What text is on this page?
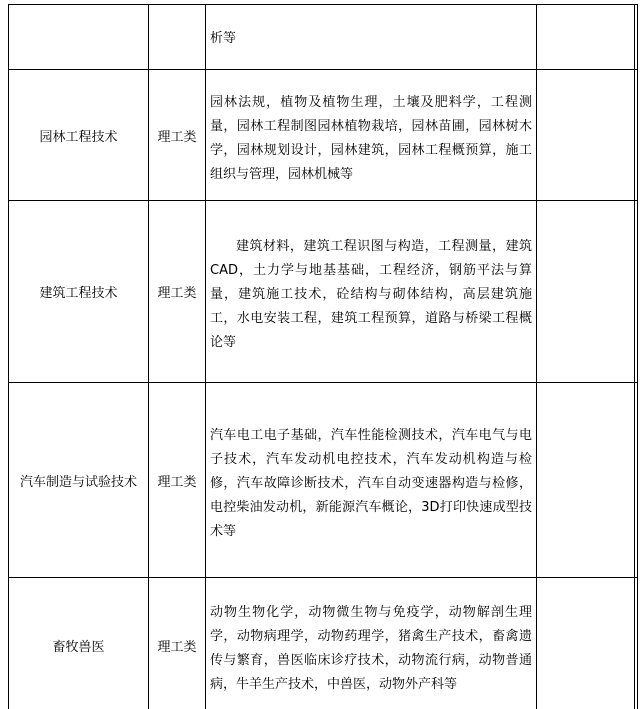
		析等	

园林工程技术	理工类	园林法规，植物及植物生理，土壤及肥料学，工程测量，园林工程制图园林植物栽培，园林苗圃，园林树木学，园林规划设计，园林建筑，园林工程概预算，施工组织与管理，园林机械等	

建筑工程技术	理工类	建筑材料，建筑工程识图与构造，工程测量，建筑CAD，土力学与地基基础，工程经济，钢筋平法与算量，建筑施工技术，砼结构与砌体结构，高层建筑施工，水电安装工程，建筑工程预算，道路与桥梁工程概论等	

汽车制造与试验技术	理工类	汽车电工电子基础，汽车性能检测技术，汽车电气与电子技术，汽车发动机电控技术，汽车发动机构造与检修，汽车故障诊断技术，汽车自动变速器构造与检修，电控柴油发动机，新能源汽车概论，3D打印快速成型技术等	

畜牧兽医	理工类	动物生物化学，动物微生物与免疫学，动物解剖生理学，动物病理学，动物药理学，猪禽生产技术，畜禽遗传与繁育，兽医临床诊疗技术，动物流行病，动物普通病，牛羊生产技术，中兽医，动物外产科等	
